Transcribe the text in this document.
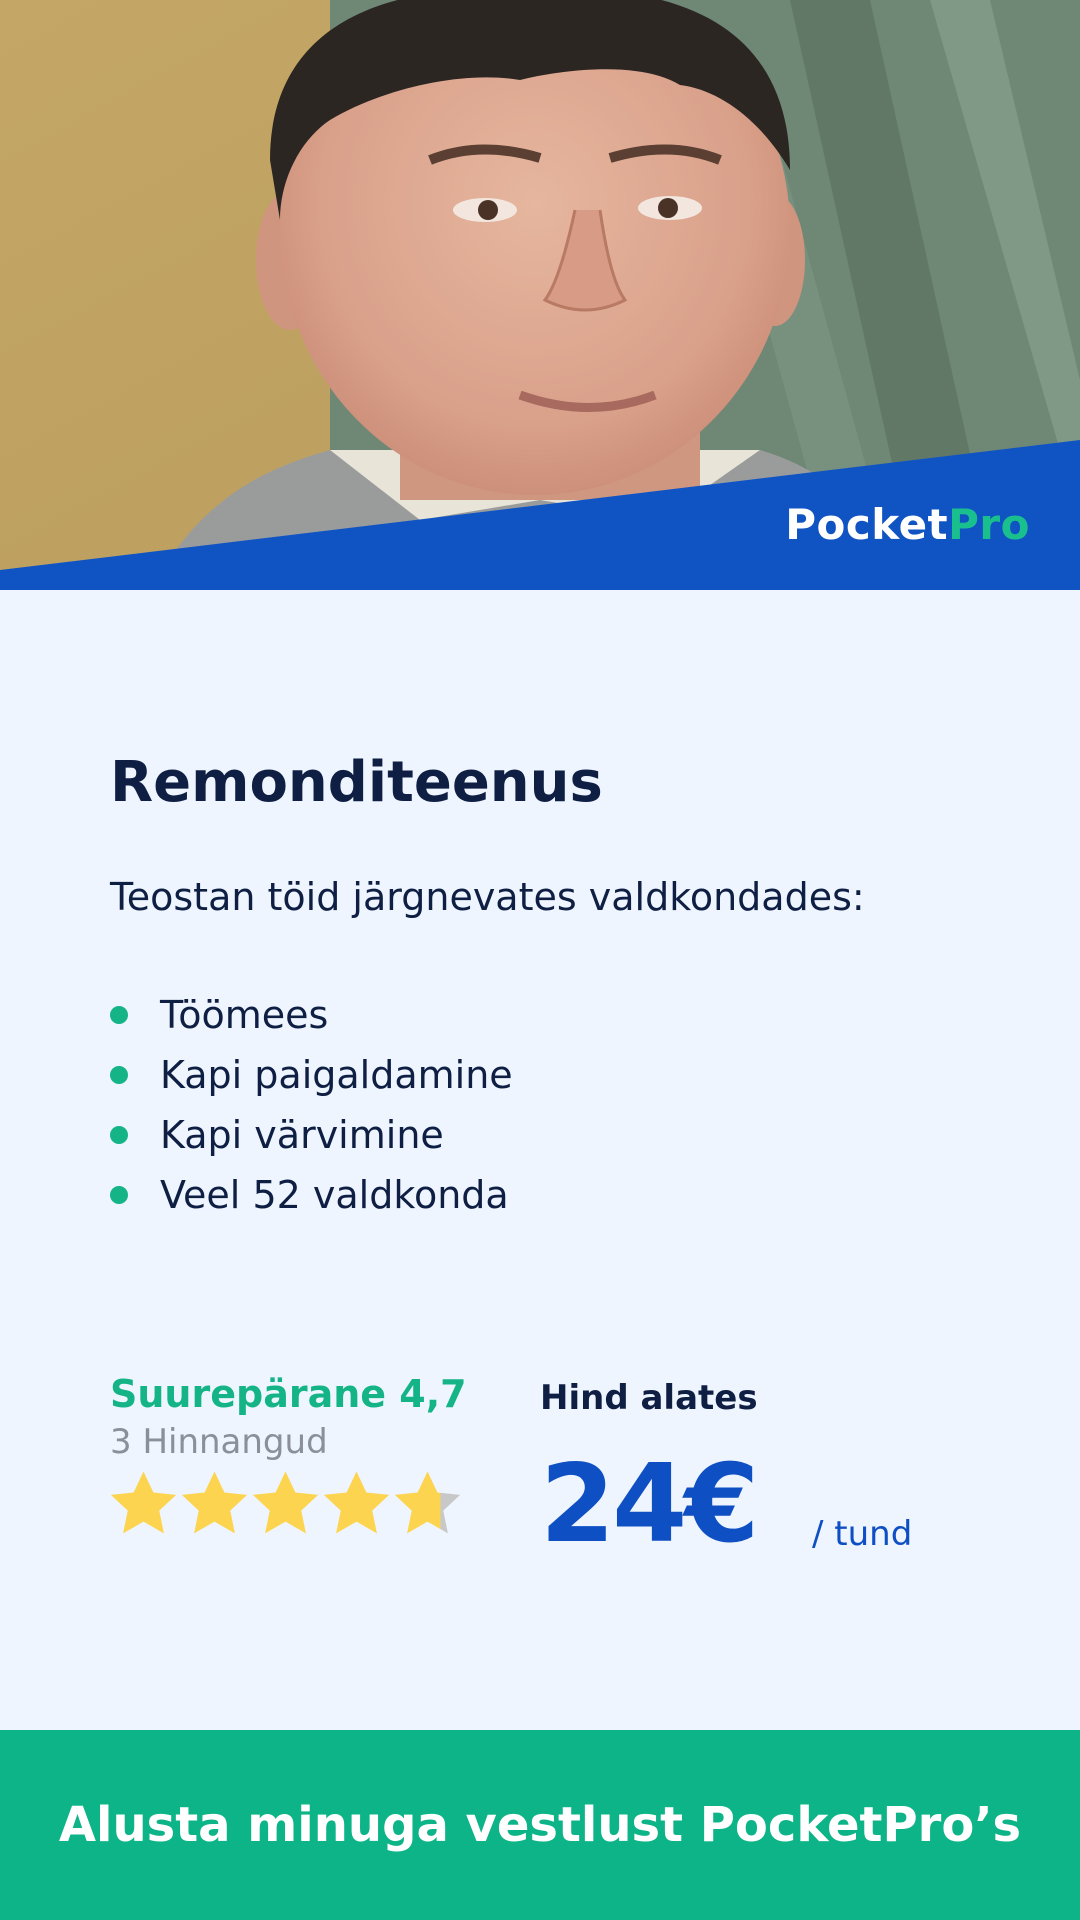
PocketPro
Remonditeenus

Teostan töid järgnevates valdkondades:

Töömees
Kapi paigaldamine
Kapi värvimine
Veel 52 valdkonda
Suurepärane 4,7
3 Hinnangud
Hind alates
24€ / tund
Alusta minuga vestlust PocketPro’s
